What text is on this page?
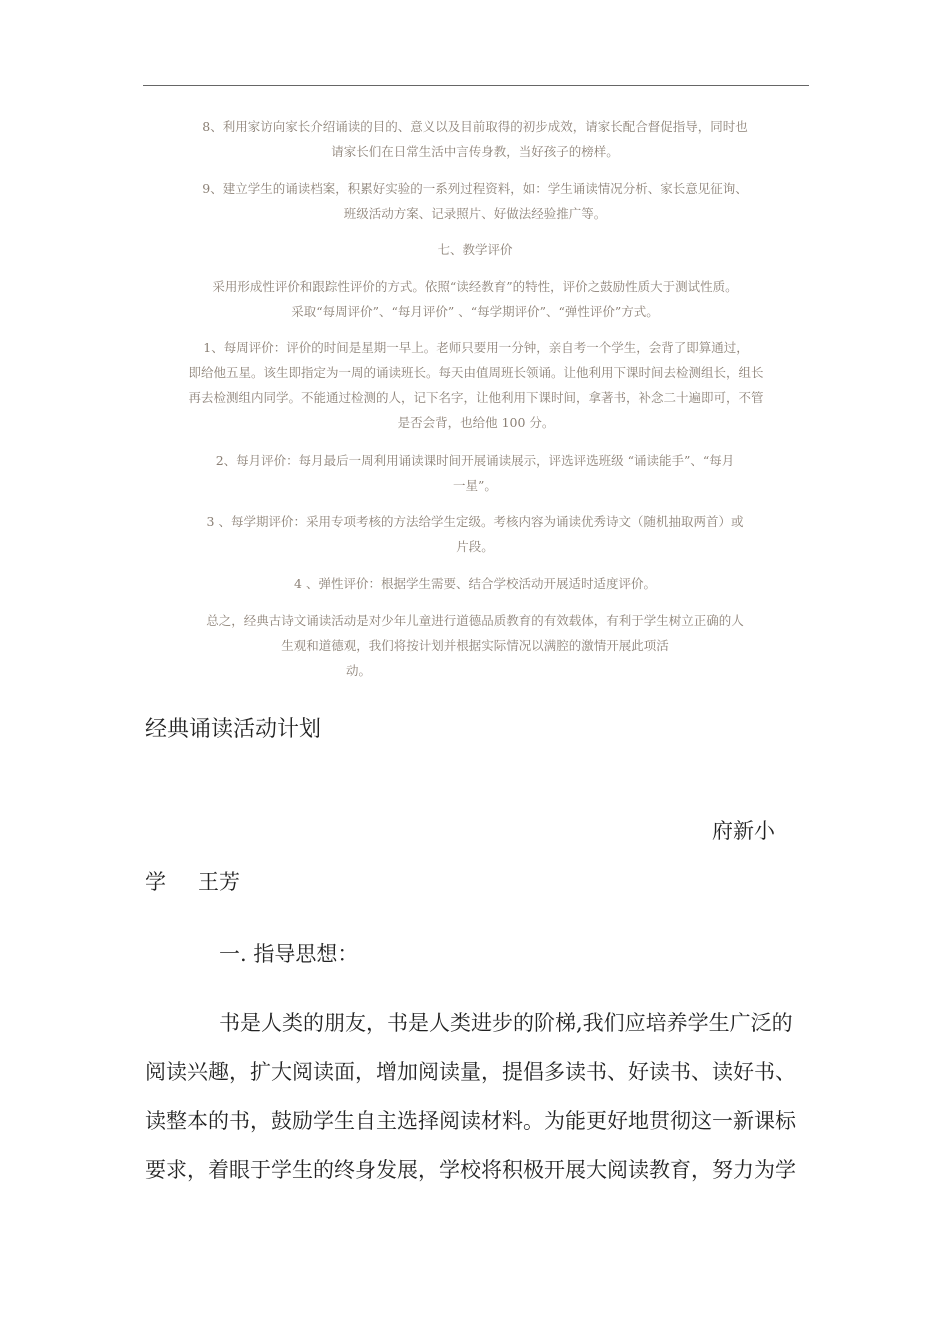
8、利用家访向家长介绍诵读的目的、意义以及目前取得的初步成效，请家长配合督促指导，同时也
请家长们在日常生活中言传身教，当好孩子的榜样。
9、建立学生的诵读档案，积累好实验的一系列过程资料，如：学生诵读情况分析、家长意见征询、
班级活动方案、记录照片、好做法经验推广等。
七、教学评价
采用形成性评价和跟踪性评价的方式。依照“读经教育”的特性，评价之鼓励性质大于测试性质。
采取“每周评价”、“每月评价” 、“每学期评价”、“弹性评价”方式。
1、每周评价：评价的时间是星期一早上。老师只要用一分钟，亲自考一个学生，会背了即算通过，
即给他五星。该生即指定为一周的诵读班长。每天由值周班长领诵。让他利用下课时间去检测组长，组长
再去检测组内同学。不能通过检测的人，记下名字，让他利用下课时间，拿著书，补念二十遍即可，不管
是否会背，也给他 100 分。
2、每月评价：每月最后一周利用诵读课时间开展诵读展示，评选评选班级 “诵读能手”、“每月
一星”。
3 、每学期评价：采用专项考核的方法给学生定级。考核内容为诵读优秀诗文（随机抽取两首）或
片段。
4 、弹性评价：根据学生需要、结合学校活动开展适时适度评价。
总之，经典古诗文诵读活动是对少年儿童进行道德品质教育的有效载体，有利于学生树立正确的人
生观和道德观，我们将按计划并根据实际情况以满腔的激情开展此项活
动。
经典诵读活动计划
府新小
学 王芳
一. 指导思想：
书是人类的朋友，书是人类进步的阶梯,我们应培养学生广泛的
阅读兴趣，扩大阅读面，增加阅读量，提倡多读书、好读书、读好书、
读整本的书，鼓励学生自主选择阅读材料。为能更好地贯彻这一新课标
要求，着眼于学生的终身发展，学校将积极开展大阅读教育，努力为学
